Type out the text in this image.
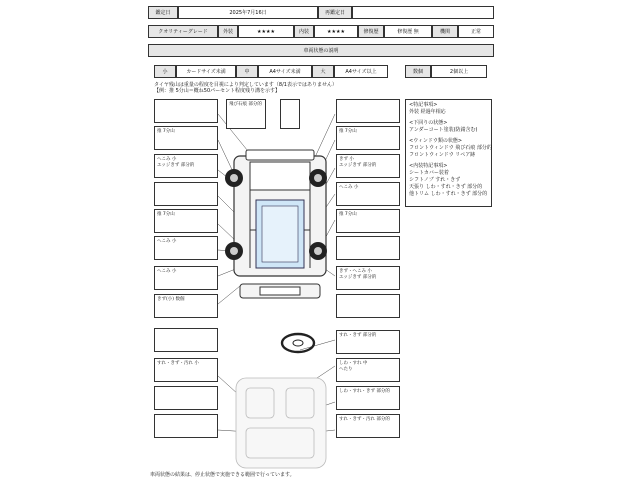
鑑定日	2025年7月16日	再鑑定日
クオリティーグレード	外装	★★★★	内装	★★★★	修復歴	修復歴 無	機関	正常
車両状態の説明
小	カードサイズ未満	中	A4サイズ未満	大	A4サイズ以上	数個	2個以上
タイヤ残山は重量の程度を目視により判定しています（8/1表示ではありません）
【例：推 5分山＝概ね50パーセント程度残り溝を示す】
飛び石痕 部分的
推 7分山
へこみ 小
エッジきず 部分的
推 7分山
へこみ 小
へこみ 小
きず(小) 数個
すれ・きず・汚れ 小
推 7分山
きず 小
エッジきず 部分的
へこみ 小
推 7分山
きず・へこみ 小
エッジきず 部分的
すれ・きず 部分的
しわ・すれ 中
へたり
しわ・すれ・きず 部分的
すれ・きず・汚れ 部分的
<特記事項>
外装 経過年相応
<下回りの状態>
アンダーコート塗装(防錆含む)
<ウィンドウ類の状態>
フロントウィンドウ 飛び石痕 部分的
フロントウィンドウ リペア跡
<内装特記事項>
シートカバー装着
シフトノブ すれ・きず
天張り しわ・すれ・きず 部分的
他トリム しわ・すれ・きず 部分的
車両状態の結果は、停止状態で実施できる範囲で行っています。
